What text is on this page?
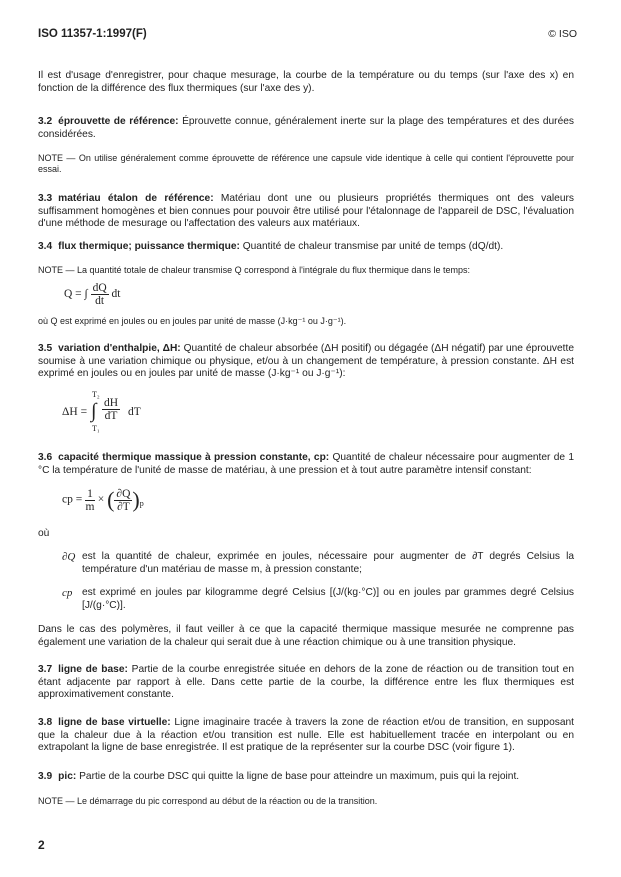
ISO 11357-1:1997(F)	© ISO
Il est d'usage d'enregistrer, pour chaque mesurage, la courbe de la température ou du temps (sur l'axe des x) en fonction de la différence des flux thermiques (sur l'axe des y).
3.2 éprouvette de référence: Éprouvette connue, généralement inerte sur la plage des températures et des durées considérées.
NOTE — On utilise généralement comme éprouvette de référence une capsule vide identique à celle qui contient l'éprouvette pour essai.
3.3 matériau étalon de référence: Matériau dont une ou plusieurs propriétés thermiques ont des valeurs suffisamment homogènes et bien connues pour pouvoir être utilisé pour l'étalonnage de l'appareil de DSC, l'évaluation d'une méthode de mesurage ou l'affectation des valeurs aux matériaux.
3.4 flux thermique; puissance thermique: Quantité de chaleur transmise par unité de temps (dQ/dt).
NOTE — La quantité totale de chaleur transmise Q correspond à l'intégrale du flux thermique dans le temps:
Q = ∫ $\frac{dQ}{dt}$ dt
où Q est exprimé en joules ou en joules par unité de masse (J·kg⁻¹ ou J·g⁻¹).
3.5 variation d'enthalpie, ΔH: Quantité de chaleur absorbée (ΔH positif) ou dégagée (ΔH négatif) par une éprouvette soumise à une variation chimique ou physique, et/ou à un changement de température, à pression constante. ΔH est exprimé en joules ou en joules par unité de masse (J·kg⁻¹ ou J·g⁻¹):
ΔH = ∫
T₂
T₁
$\frac{dH}{dT}$ dT
3.6 capacité thermique massique à pression constante, cp: Quantité de chaleur nécessaire pour augmenter de 1 °C la température de l'unité de masse de matériau, à une pression et à tout autre paramètre intensif constant:
cp = $\frac{1}{m}$ × ( $\frac{\partial Q}{\partial T} )_p$
où
∂Q est la quantité de chaleur, exprimée en joules, nécessaire pour augmenter de ∂T degrés Celsius la température d'un matériau de masse m, à pression constante;
cp est exprimé en joules par kilogramme degré Celsius [(J/(kg·°C)] ou en joules par grammes degré Celsius [J/(g·°C)].
Dans le cas des polymères, il faut veiller à ce que la capacité thermique massique mesurée ne comprenne pas également une variation de la chaleur qui serait due à une réaction chimique ou à une transition physique.
3.7 ligne de base: Partie de la courbe enregistrée située en dehors de la zone de réaction ou de transition tout en étant adjacente par rapport à elle. Dans cette partie de la courbe, la différence entre les flux thermiques est approximativement constante.
3.8 ligne de base virtuelle: Ligne imaginaire tracée à travers la zone de réaction et/ou de transition, en supposant que la chaleur due à la réaction et/ou transition est nulle. Elle est habituellement tracée en interpolant ou en extrapolant la ligne de base enregistrée. Il est pratique de la représenter sur la courbe DSC (voir figure 1).
3.9 pic: Partie de la courbe DSC qui quitte la ligne de base pour atteindre un maximum, puis qui la rejoint.
NOTE — Le démarrage du pic correspond au début de la réaction ou de la transition.
2
